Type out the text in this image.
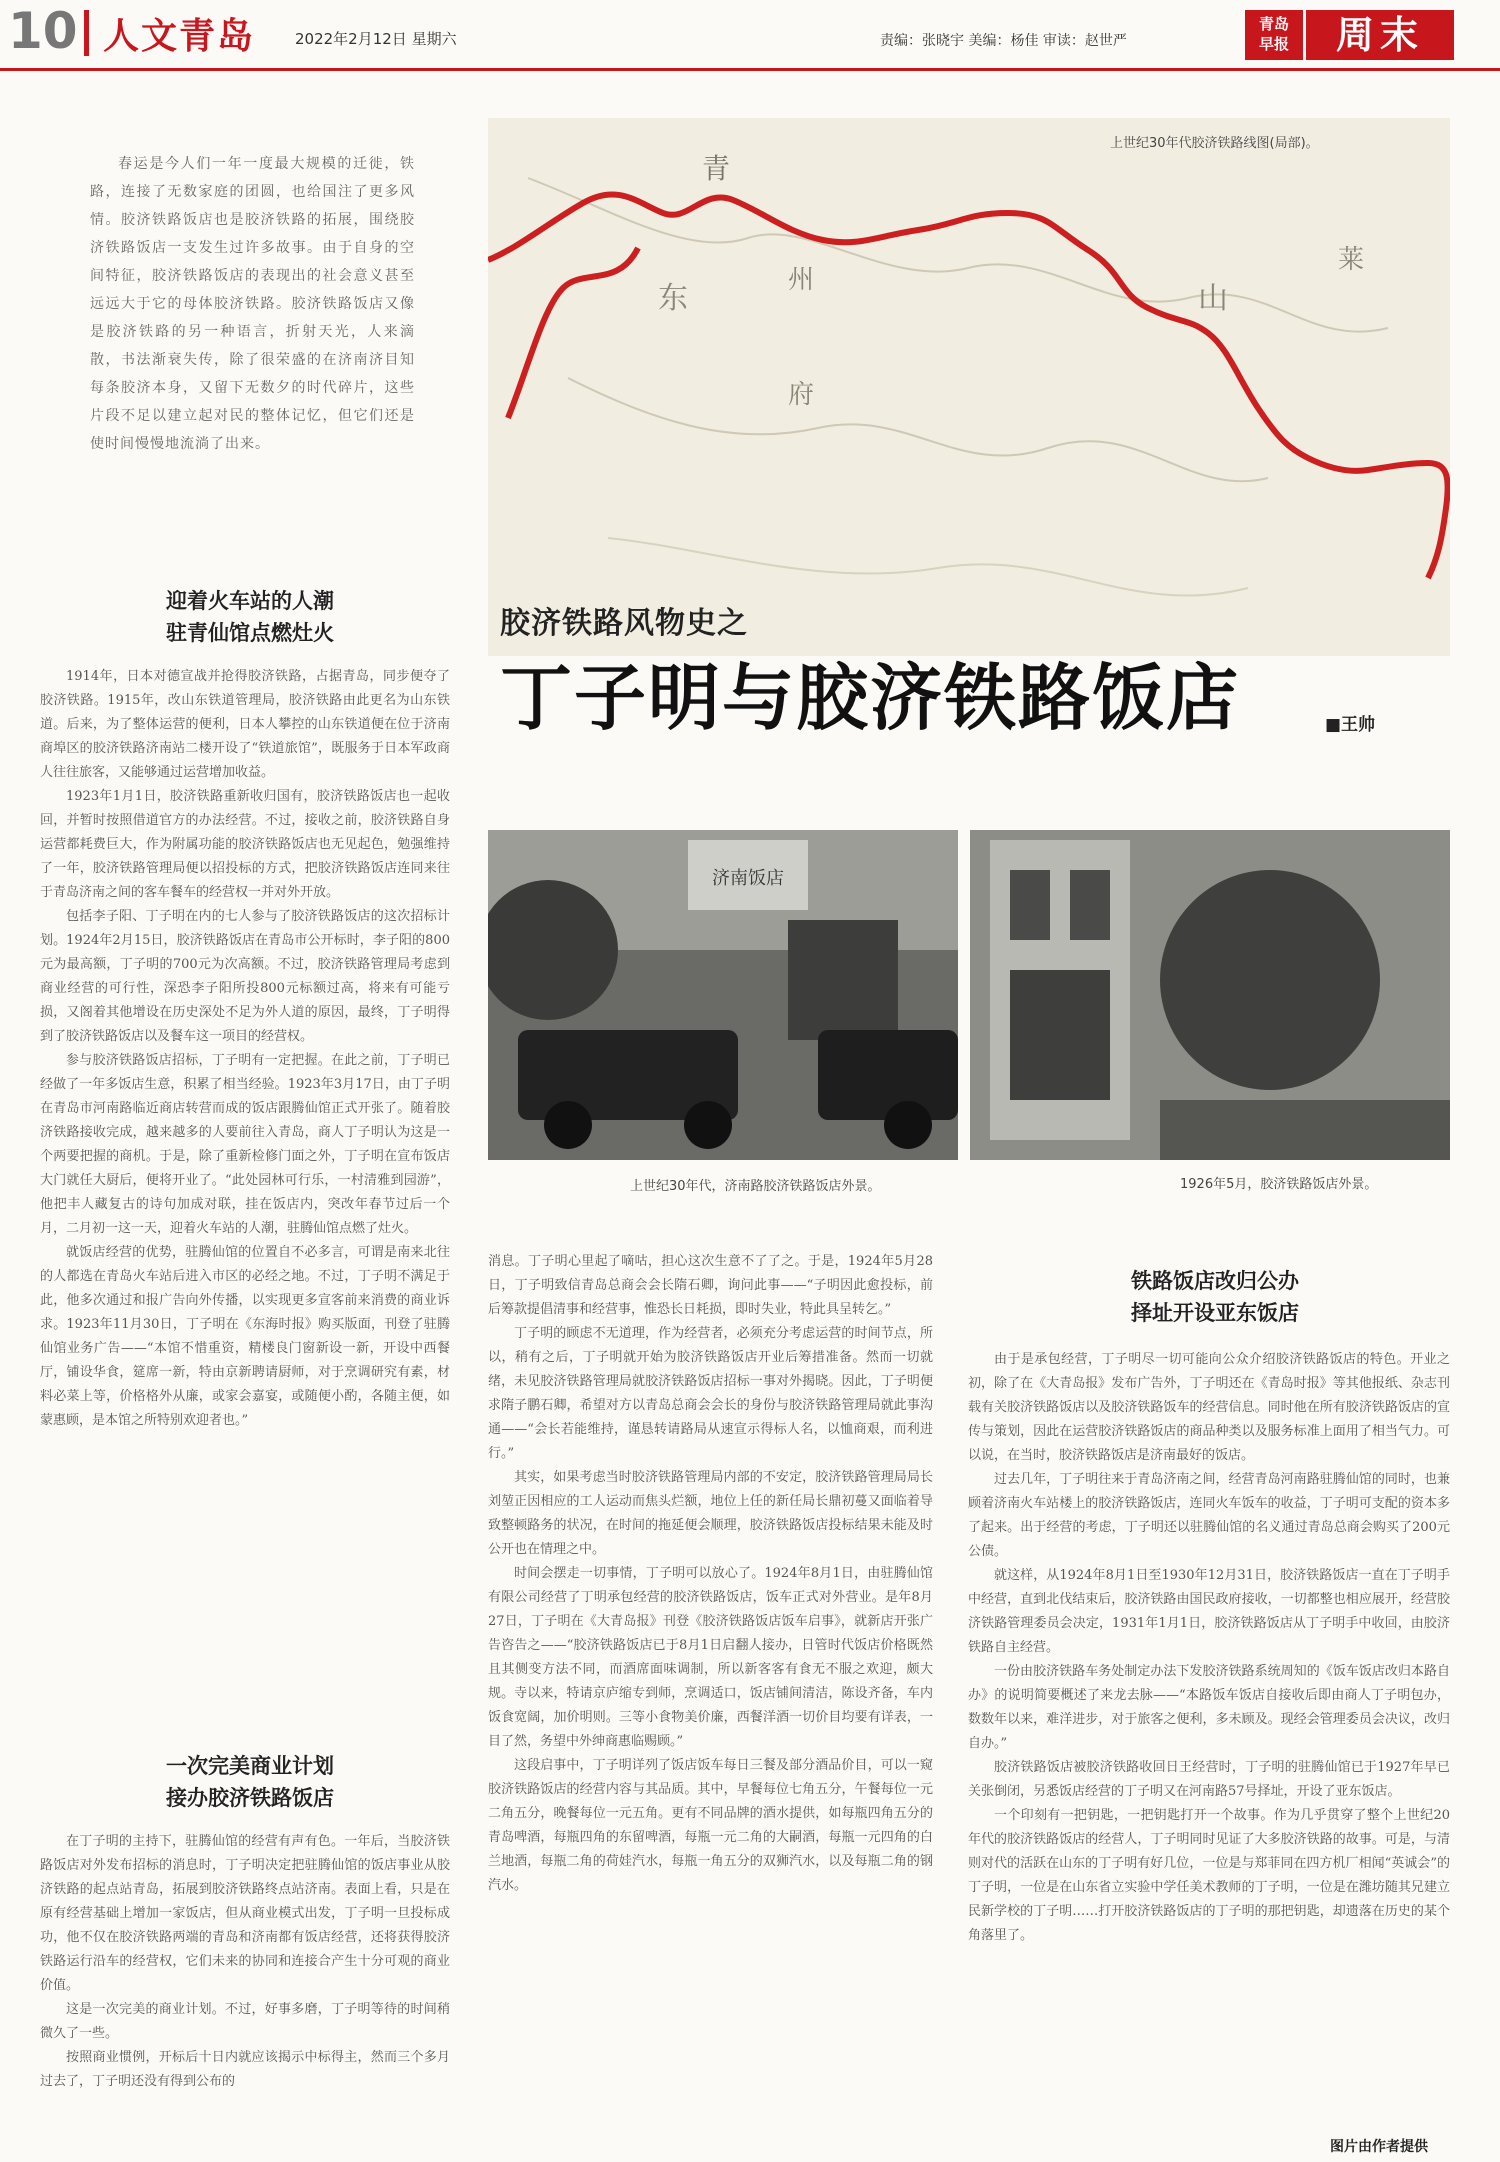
10 人文青岛	2022年2月12日 星期六	责编：张晓宇 美编：杨佳 审读：赵世严
青岛
早报	周末
春运是今人们一年一度最大规模的迁徙，铁路，连接了无数家庭的团圆，也给国注了更多风情。胶济铁路饭店也是胶济铁路的拓展，围绕胶济铁路饭店一支发生过许多故事。由于自身的空间特征，胶济铁路饭店的表现出的社会意义甚至远远大于它的母体胶济铁路。胶济铁路饭店又像是胶济铁路的另一种语言，折射天光，人来滴散，书法渐衰失传，除了很荣盛的在济南济目知每条胶济本身，又留下无数夕的时代碎片，这些片段不足以建立起对民的整体记忆，但它们还是使时间慢慢地流淌了出来。
迎着火车站的人潮
驻青仙馆点燃灶火

1914年，日本对德宣战并抢得胶济铁路，占据青岛，同步便夺了胶济铁路。1915年，改山东铁道管理局，胶济铁路由此更名为山东铁道。后来，为了整体运营的便利，日本人攀控的山东铁道便在位于济南商埠区的胶济铁路济南站二楼开设了“铁道旅馆”，既服务于日本军政商人往往旅客，又能够通过运营增加收益。

1923年1月1日，胶济铁路重新收归国有，胶济铁路饭店也一起收回，并暂时按照借道官方的办法经营。不过，接收之前，胶济铁路自身运营都耗费巨大，作为附属功能的胶济铁路饭店也无见起色，勉强维持了一年，胶济铁路管理局便以招投标的方式，把胶济铁路饭店连同来往于青岛济南之间的客车餐车的经营权一并对外开放。

包括李子阳、丁子明在内的七人参与了胶济铁路饭店的这次招标计划。1924年2月15日，胶济铁路饭店在青岛市公开标时，李子阳的800元为最高额，丁子明的700元为次高额。不过，胶济铁路管理局考虑到商业经营的可行性，深恐李子阳所投800元标额过高，将来有可能亏损，又阁着其他增设在历史深处不足为外人道的原因，最终，丁子明得到了胶济铁路饭店以及餐车这一项目的经营权。

参与胶济铁路饭店招标，丁子明有一定把握。在此之前，丁子明已经做了一年多饭店生意，积累了相当经验。1923年3月17日，由丁子明在青岛市河南路临近商店转营而成的饭店跟腾仙馆正式开张了。随着胶济铁路接收完成，越来越多的人要前往入青岛，商人丁子明认为这是一个两要把握的商机。于是，除了重新检修门面之外，丁子明在宣布饭店大门就任大厨后，便将开业了。“此处园林可行乐，一村清雅到园游”，他把丰人藏复古的诗句加成对联，挂在饭店内，突改年春节过后一个月，二月初一这一天，迎着火车站的人潮，驻腾仙馆点燃了灶火。

就饭店经营的优势，驻腾仙馆的位置自不必多言，可谓是南来北往的人都选在青岛火车站后进入市区的必经之地。不过，丁子明不满足于此，他多次通过和报广告向外传播，以实现更多宣客前来消费的商业诉求。1923年11月30日，丁子明在《东海时报》购买版面，刊登了驻腾仙馆业务广告——“本馆不惜重资，精楼良门窗新设一新，开设中西餐厅，铺设华食，筵席一新，特由京新聘请厨师，对于烹调研究有素，材料必菜上等，价格格外从廉，或家会嘉宴，或随便小酌，各随主便，如蒙惠顾，是本馆之所特别欢迎者也。”

一次完美商业计划
接办胶济铁路饭店

在丁子明的主持下，驻腾仙馆的经营有声有色。一年后，当胶济铁路饭店对外发布招标的消息时，丁子明决定把驻腾仙馆的饭店事业从胶济铁路的起点站青岛，拓展到胶济铁路终点站济南。表面上看，只是在原有经营基础上增加一家饭店，但从商业模式出发，丁子明一旦投标成功，他不仅在胶济铁路两端的青岛和济南都有饭店经营，还将获得胶济铁路运行沿车的经营权，它们未来的协同和连接合产生十分可观的商业价值。

这是一次完美的商业计划。不过，好事多磨，丁子明等待的时间稍微久了一些。

按照商业惯例，开标后十日内就应该揭示中标得主，然而三个多月过去了，丁子明还没有得到公布的

青
东
州
山
府
莱
上世纪30年代胶济铁路线图(局部)。
胶济铁路风物史之
丁子明与胶济铁路饭店	■王帅
济南饭店
上世纪30年代，济南路胶济铁路饭店外景。	1926年5月，胶济铁路饭店外景。

消息。丁子明心里起了嘀咕，担心这次生意不了了之。于是，1924年5月28日，丁子明致信青岛总商会会长隋石卿，询问此事——“子明因此愈投标，前后筹款提倡清事和经营事，惟恐长日耗损，即时失业，特此具呈转乞。”

丁子明的顾虑不无道理，作为经营者，必须充分考虑运营的时间节点，所以，稍有之后，丁子明就开始为胶济铁路饭店开业后筹措准备。然而一切就绪，未见胶济铁路管理局就胶济铁路饭店招标一事对外揭晓。因此，丁子明便求隋子鹏石卿，希望对方以青岛总商会会长的身份与胶济铁路管理局就此事沟通——“会长若能维持，谨恳转请路局从速宣示得标人名，以恤商艰，而利进行。”

其实，如果考虑当时胶济铁路管理局内部的不安定，胶济铁路管理局局长刘堃正因相应的工人运动而焦头烂额，地位上任的新任局长鼎初蔓又面临着导致整顿路务的状况，在时间的拖延便会顺理，胶济铁路饭店投标结果未能及时公开也在情理之中。

时间会摆走一切事情，丁子明可以放心了。1924年8月1日，由驻腾仙馆有限公司经营了丁明承包经营的胶济铁路饭店，饭车正式对外营业。是年8月27日，丁子明在《大青岛报》刊登《胶济铁路饭店饭车启事》，就新店开张广告咨告之——“胶济铁路饭店已于8月1日启翻人接办，日管时代饭店价格既然且其侧变方法不同，而酒席面味调制，所以新客客有食无不服之欢迎，颇大规。寺以来，特请京庐缩专到师，烹调适口，饭店铺间清洁，陈设齐备，车内饭食宽阔，加价明则。三等小食物美价廉，西餐洋酒一切价目均要有详表，一目了然，务望中外绅商惠临赐顾。”

这段启事中，丁子明详列了饭店饭车每日三餐及部分酒品价目，可以一窥胶济铁路饭店的经营内容与其品质。其中，早餐每位七角五分，午餐每位一元二角五分，晚餐每位一元五角。更有不同品牌的酒水提供，如每瓶四角五分的青岛啤酒，每瓶四角的东留啤酒，每瓶一元二角的大嗣酒，每瓶一元四角的白兰地酒，每瓶二角的荷娃汽水，每瓶一角五分的双狮汽水，以及每瓶二角的钢汽水。

铁路饭店改归公办
择址开设亚东饭店

由于是承包经营，丁子明尽一切可能向公众介绍胶济铁路饭店的特色。开业之初，除了在《大青岛报》发布广告外，丁子明还在《青岛时报》等其他报纸、杂志刊载有关胶济铁路饭店以及胶济铁路饭车的经营信息。同时他在所有胶济铁路饭店的宣传与策划，因此在运营胶济铁路饭店的商品种类以及服务标准上面用了相当气力。可以说，在当时，胶济铁路饭店是济南最好的饭店。

过去几年，丁子明往来于青岛济南之间，经营青岛河南路驻腾仙馆的同时，也兼顾着济南火车站楼上的胶济铁路饭店，连同火车饭车的收益，丁子明可支配的资本多了起来。出于经营的考虑，丁子明还以驻腾仙馆的名义通过青岛总商会购买了200元公债。

就这样，从1924年8月1日至1930年12月31日，胶济铁路饭店一直在丁子明手中经营，直到北伐结束后，胶济铁路由国民政府接收，一切都整也相应展开，经营胶济铁路管理委员会决定，1931年1月1日，胶济铁路饭店从丁子明手中收回，由胶济铁路自主经营。

一份由胶济铁路车务处制定办法下发胶济铁路系统周知的《饭车饭店改归本路自办》的说明简要概述了来龙去脉——“本路饭车饭店自接收后即由商人丁子明包办，数数年以来，难洋进步，对于旅客之便利，多未顾及。现经会管理委员会决议，改归自办。”

胶济铁路饭店被胶济铁路收回日王经营时，丁子明的驻腾仙馆已于1927年早已关张倒闭，另悉饭店经营的丁子明又在河南路57号择址，开设了亚东饭店。

一个印刻有一把钥匙，一把钥匙打开一个故事。作为几乎贯穿了整个上世纪20年代的胶济铁路饭店的经营人，丁子明同时见证了大多胶济铁路的故事。可是，与清则对代的活跃在山东的丁子明有好几位，一位是与郑菲同在四方机厂相闻“英诚会”的丁子明，一位是在山东省立实验中学任美术教师的丁子明，一位是在潍坊随其兄建立民新学校的丁子明……打开胶济铁路饭店的丁子明的那把钥匙，却遗落在历史的某个角落里了。

图片由作者提供
